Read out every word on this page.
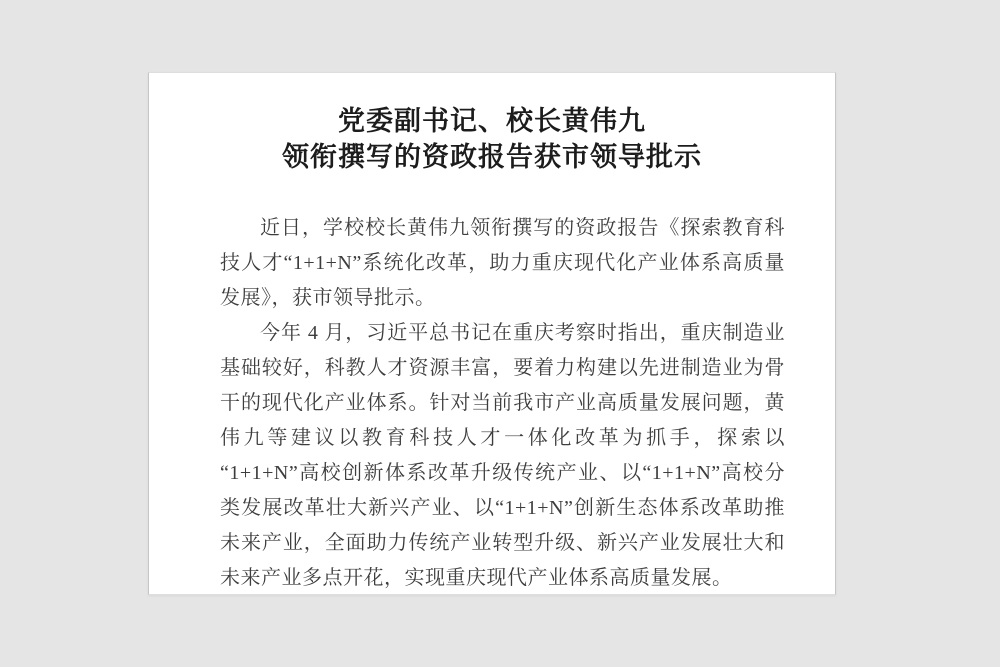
党委副书记、校长黄伟九
领衔撰写的资政报告获市领导批示

近日，学校校长黄伟九领衔撰写的资政报告《探索教育科技人才“1+1+N”系统化改革，助力重庆现代化产业体系高质量发展》，获市领导批示。

今年 4 月，习近平总书记在重庆考察时指出，重庆制造业基础较好，科教人才资源丰富，要着力构建以先进制造业为骨干的现代化产业体系。针对当前我市产业高质量发展问题，黄伟九等建议以教育科技人才一体化改革为抓手，探索以“1+1+N”高校创新体系改革升级传统产业、以“1+1+N”高校分类发展改革壮大新兴产业、以“1+1+N”创新生态体系改革助推未来产业，全面助力传统产业转型升级、新兴产业发展壮大和未来产业多点开花，实现重庆现代产业体系高质量发展。
